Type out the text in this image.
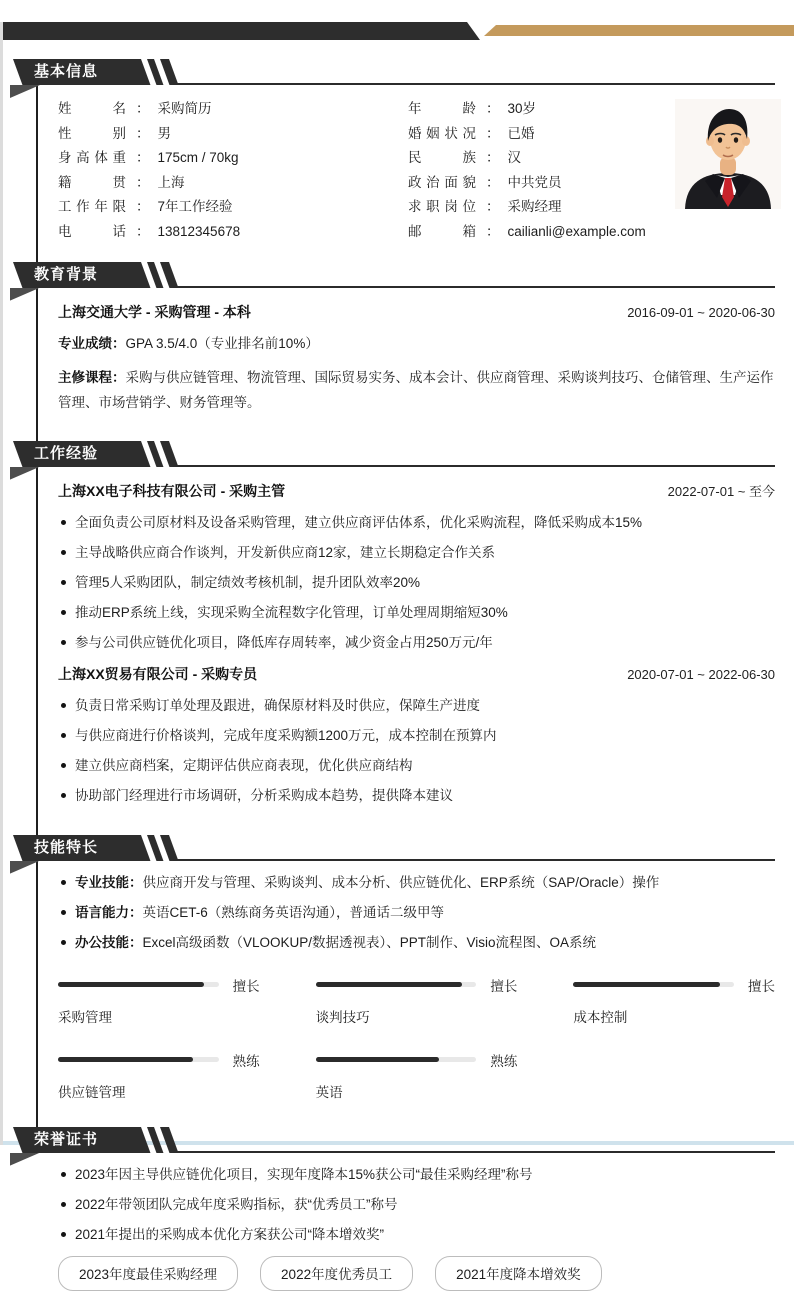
基本信息
姓名 ： 采购简历
性别 ： 男
身高体重 ： 175cm / 70kg
籍贯 ： 上海
工作年限 ： 7年工作经验
电话 ： 13812345678
年龄 ： 30岁
婚姻状况 ： 已婚
民族 ： 汉
政治面貌 ： 中共党员
求职岗位 ： 采购经理
邮箱 ： cailianli@example.com
教育背景
上海交通大学 - 采购管理 - 本科	2016-09-01 ~ 2020-06-30
专业成绩：GPA 3.5/4.0（专业排名前10%）
主修课程：采购与供应链管理、物流管理、国际贸易实务、成本会计、供应商管理、采购谈判技巧、仓储管理、生产运作管理、市场营销学、财务管理等。
工作经验
上海XX电子科技有限公司 - 采购主管	2022-07-01 ~ 至今
全面负责公司原材料及设备采购管理，建立供应商评估体系，优化采购流程，降低采购成本15%
主导战略供应商合作谈判，开发新供应商12家，建立长期稳定合作关系
管理5人采购团队，制定绩效考核机制，提升团队效率20%
推动ERP系统上线，实现采购全流程数字化管理，订单处理周期缩短30%
参与公司供应链优化项目，降低库存周转率，减少资金占用250万元/年
上海XX贸易有限公司 - 采购专员	2020-07-01 ~ 2022-06-30
负责日常采购订单处理及跟进，确保原材料及时供应，保障生产进度
与供应商进行价格谈判，完成年度采购额1200万元，成本控制在预算内
建立供应商档案，定期评估供应商表现，优化供应商结构
协助部门经理进行市场调研，分析采购成本趋势，提供降本建议
技能特长
专业技能：供应商开发与管理、采购谈判、成本分析、供应链优化、ERP系统（SAP/Oracle）操作
语言能力：英语CET-6（熟练商务英语沟通），普通话二级甲等
办公技能：Excel高级函数（VLOOKUP/数据透视表）、PPT制作、Visio流程图、OA系统
擅长
采购管理
擅长
谈判技巧
擅长
成本控制
熟练
供应链管理
熟练
英语
荣誉证书
2023年因主导供应链优化项目，实现年度降本15%获公司“最佳采购经理”称号
2022年带领团队完成年度采购指标，获“优秀员工”称号
2021年提出的采购成本优化方案获公司“降本增效奖”
2023年度最佳采购经理	2022年度优秀员工	2021年度降本增效奖
